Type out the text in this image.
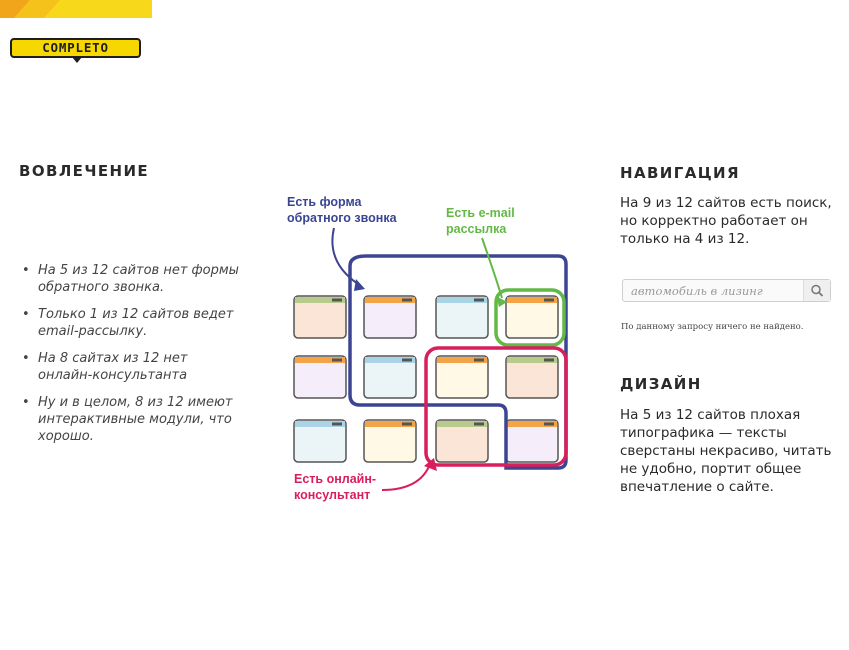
COMPLETO
ВОВЛЕЧЕНИЕ
• На 5 из 12 сайтов нет формы обратного звонка.
• Только 1 из 12 сайтов ведет email-рассылку.
• На 8 сайтах из 12 нет онлайн-консультанта
• Ну и в целом, 8 из 12 имеют интерактивные модули, что хорошо.
Есть форма
обратного звонка	Есть e-mail
рассылка
Есть онлайн-
консультант
НАВИГАЦИЯ

На 9 из 12 сайтов есть поиск,
но корректно работает он
только на 4 из 12.

автомобиль в лизинг

По данному запросу ничего не найдено.

ДИЗАЙН

На 5 из 12 сайтов плохая
типографика — тексты
сверстаны некрасиво, читать
не удобно, портит общее
впечатление о сайте.
